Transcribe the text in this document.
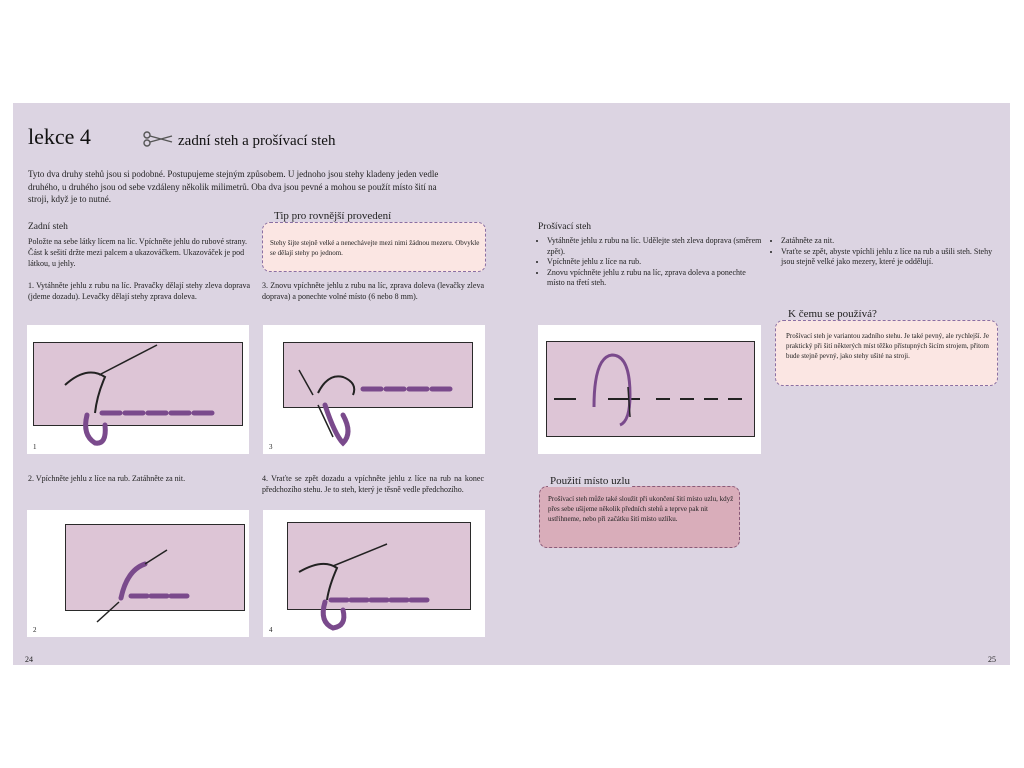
lekce 4	zadní steh a prošívací steh
Tyto dva druhy stehů jsou si podobné. Postupujeme stejným způsobem. U jednoho jsou stehy kladeny jeden vedle druhého, u druhého jsou od sebe vzdáleny několik milimetrů. Oba dva jsou pevné a mohou se použít místo šití na stroji, když je to nutné.
Zadní steh
Položte na sebe látky lícem na líc. Vpíchněte jehlu do rubové strany. Část k sešití držte mezi palcem a ukazováčkem. Ukazováček je pod látkou, u jehly.
1. Vytáhněte jehlu z rubu na líc. Pravačky dělají stehy zleva doprava (jdeme dozadu). Levačky dělají stehy zprava doleva.
3. Znovu vpíchněte jehlu z rubu na líc, zprava doleva (levačky zleva doprava) a ponechte volné místo (6 nebo 8 mm).
Tip pro rovnější provedení
Stehy šijte stejně velké a nenechávejte mezi nimi žádnou mezeru. Obvykle se dělají stehy po jednom.
1	3
2. Vpíchněte jehlu z líce na rub. Zatáhněte za nit.	4. Vraťte se zpět dozadu a vpíchněte jehlu z líce na rub na konec předchozího stehu. Je to steh, který je těsně vedle předchozího.
2	4
Prošívací steh
• Vytáhněte jehlu z rubu na líc. Udělejte steh zleva doprava (směrem zpět).
• Vpíchněte jehlu z líce na rub.
• Znovu vpíchněte jehlu z rubu na líc, zprava doleva a ponechte místo na třetí steh.
• Zatáhněte za nit.
• Vraťte se zpět, abyste vpíchli jehlu z líce na rub a ušili steh. Stehy jsou stejně velké jako mezery, které je oddělují.
K čemu se používá?
Prošívací steh je variantou zadního stehu. Je také pevný, ale rychlejší. Je praktický při šití některých míst těžko přístupných šicím strojem, přitom bude stejně pevný, jako stehy ušité na stroji.
Použití místo uzlu
Prošívací steh může také sloužit při ukončení šití místo uzlu, když přes sebe ušijeme několik předních stehů a teprve pak nit ustřihneme, nebo při začátku šití místo uzlíku.
24	25
